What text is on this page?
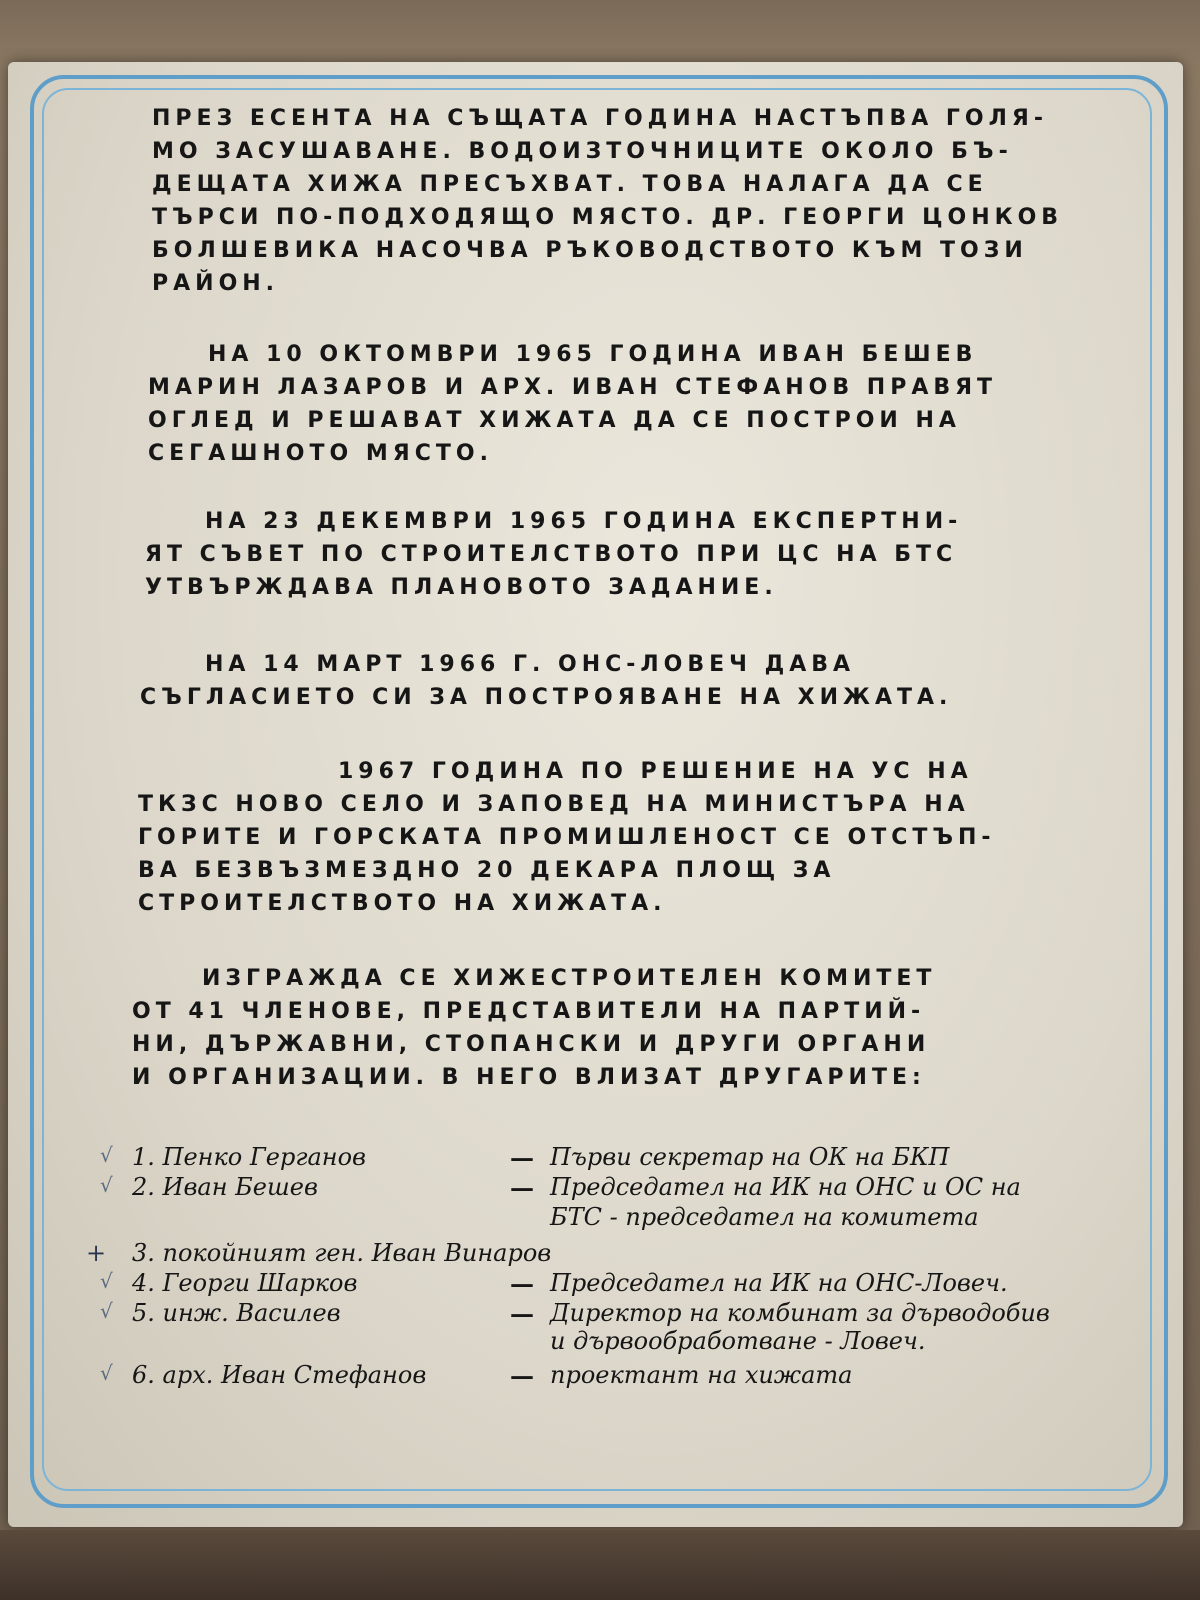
ПРЕЗ ЕСЕНТА НА СЪЩАТА ГОДИНА НАСТЪПВА ГОЛЯ-
МО ЗАСУШАВАНЕ. ВОДОИЗТОЧНИЦИТЕ ОКОЛО БЪ-
ДЕЩАТА ХИЖА ПРЕСЪХВАТ. ТОВА НАЛАГА ДА СЕ
ТЪРСИ ПО-ПОДХОДЯЩО МЯСТО. ДР. ГЕОРГИ ЦОНКОВ
БОЛШЕВИКА НАСОЧВА РЪКОВОДСТВОТО КЪМ ТОЗИ
РАЙОН.
НА 10 ОКТОМВРИ 1965 ГОДИНА ИВАН БЕШЕВ
МАРИН ЛАЗАРОВ И АРХ. ИВАН СТЕФАНОВ ПРАВЯТ
ОГЛЕД И РЕШАВАТ ХИЖАТА ДА СЕ ПОСТРОИ НА
СЕГАШНОТО МЯСТО.
НА 23 ДЕКЕМВРИ 1965 ГОДИНА ЕКСПЕРТНИ-
ЯТ СЪВЕТ ПО СТРОИТЕЛСТВОТО ПРИ ЦС НА БТС
УТВЪРЖДАВА ПЛАНОВОТО ЗАДАНИЕ.
НА 14 МАРТ 1966 Г. ОНС-ЛОВЕЧ ДАВА
СЪГЛАСИЕТО СИ ЗА ПОСТРОЯВАНЕ НА ХИЖАТА.
1967 ГОДИНА ПО РЕШЕНИЕ НА УС НА
ТКЗС НОВО СЕЛО И ЗАПОВЕД НА МИНИСТЪРА НА
ГОРИТЕ И ГОРСКАТА ПРОМИШЛЕНОСТ СЕ ОТСТЪП-
ВА БЕЗВЪЗМЕЗДНО 20 ДЕКАРА ПЛОЩ ЗА
СТРОИТЕЛСТВОТО НА ХИЖАТА.
ИЗГРАЖДА СЕ ХИЖЕСТРОИТЕЛЕН КОМИТЕТ
ОТ 41 ЧЛЕНОВЕ, ПРЕДСТАВИТЕЛИ НА ПАРТИЙ-
НИ, ДЪРЖАВНИ, СТОПАНСКИ И ДРУГИ ОРГАНИ
И ОРГАНИЗАЦИИ. В НЕГО ВЛИЗАТ ДРУГАРИТЕ:
√ 1. Пенко Герганов	— Първи секретар на ОК на БКП
√ 2. Иван Бешев	— Председател на ИК на ОНС и ОС на
БТС - председател на комитета
+	3. покойният ген. Иван Винаров
√ 4. Георги Шарков	— Председател на ИК на ОНС-Ловеч.
√ 5. инж. Василев	— Директор на комбинат за дърводобив
и дървообработване - Ловеч.
√ 6. арх. Иван Стефанов	— проектант на хижата
